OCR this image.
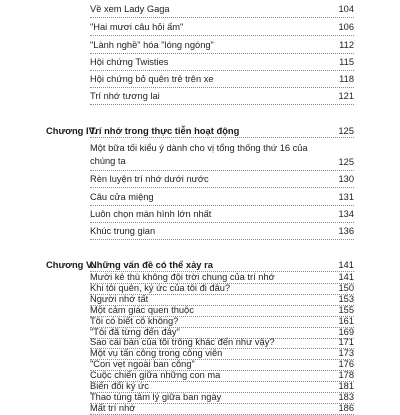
Về xem Lady Gaga	104
"Hai mươi câu hỏi ấm"	106
"Lành nghề" hóa "lóng ngóng"	112
Hội chứng Twisties	115
Hội chứng bỏ quên trẻ trên xe	118
Trí nhớ tương lai	121
Chương IV.
Trí nhớ trong thực tiễn hoạt động	125
Một bữa tối kiểu ý dành cho vị tổng thống thứ 16 của chúng ta	125
Rèn luyện trí nhớ dưới nước	130
Câu cửa miệng	131
Luôn chọn màn hình lớn nhất	134
Khúc trung gian	136
Chương V.
Những vấn đề có thể xảy ra	141
Mười kẻ thù không đội trời chung của trí nhớ	141
Khi tôi quên, ký ức của tôi đi đâu?	150
Người nhớ tất	153
Một cảm giác quen thuộc	155
Tôi có biết cô không?	161
"Tôi đã từng đến đây"	169
Sao cái bàn của tôi trông khác đến như vậy?	171
Một vụ tấn công trong công viên	173
"Con vẹt ngoài ban công"	176
Cuộc chiến giữa những con ma	178
Biến đổi ký ức	181
Thao túng tâm lý giữa ban ngày	183
Mất trí nhớ	186
